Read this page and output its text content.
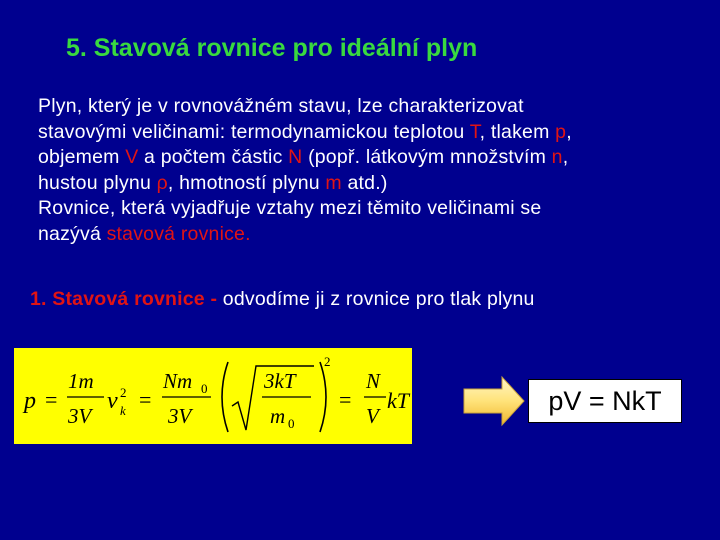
5. Stavová rovnice pro ideální plyn
Plyn, který je v rovnovážném stavu, lze charakterizovat
stavovými veličinami: termodynamickou teplotou T, tlakem p,
objemem V a počtem částic N (popř. látkovým množstvím n,
hustou plynu ρ, hmotností plynu m atd.)
Rovnice, která vyjadřuje vztahy mezi těmito veličinami se
nazývá stavová rovnice.
1. Stavová rovnice - odvodíme ji z rovnice pro tlak plynu
p =
1m
3V
v 2
k =
Nm 0
3V
3kT
m 0
2
=
N
V
kT	pV = NkT
